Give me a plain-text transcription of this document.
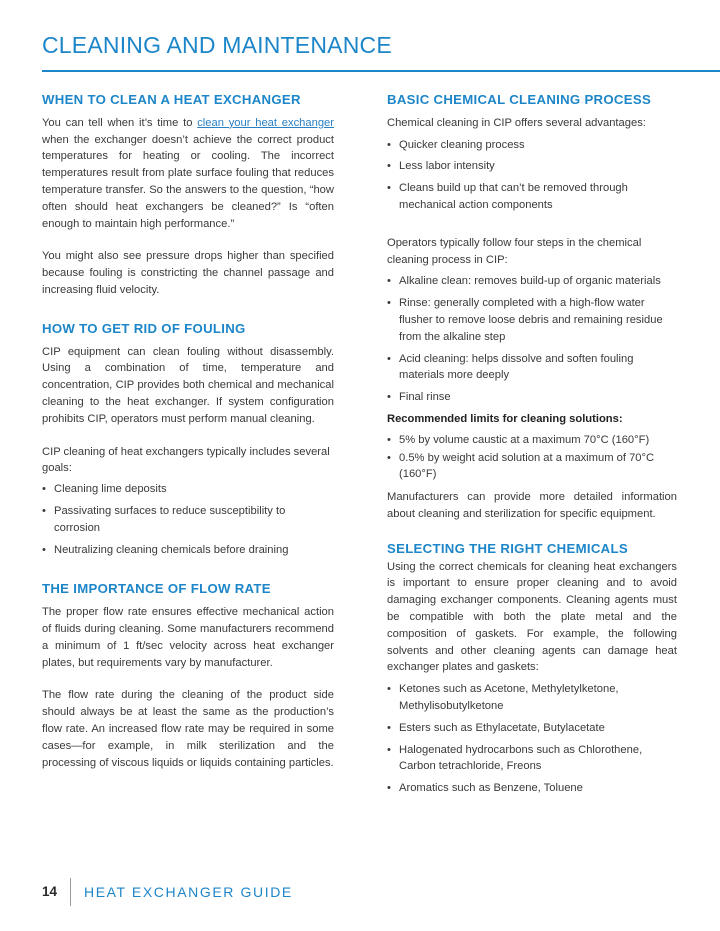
CLEANING AND MAINTENANCE
WHEN TO CLEAN A HEAT EXCHANGER

You can tell when it’s time to clean your heat exchanger when the exchanger doesn’t achieve the correct product temperatures for heating or cooling. The incorrect temperatures result from plate surface fouling that reduces temperature transfer. So the answers to the question, “how often should heat exchangers be cleaned?” Is “often enough to maintain high performance.”

You might also see pressure drops higher than specified because fouling is constricting the channel passage and increasing fluid velocity.

HOW TO GET RID OF FOULING

CIP equipment can clean fouling without disassembly. Using a combination of time, temperature and concentration, CIP provides both chemical and mechanical cleaning to the heat exchanger. If system configuration prohibits CIP, operators must perform manual cleaning.

CIP cleaning of heat exchangers typically includes several goals:

• Cleaning lime deposits
• Passivating surfaces to reduce susceptibility to corrosion
• Neutralizing cleaning chemicals before draining
THE IMPORTANCE OF FLOW RATE

The proper flow rate ensures effective mechanical action of fluids during cleaning. Some manufacturers recommend a minimum of 1 ft/sec velocity across heat exchanger plates, but requirements vary by manufacturer.

The flow rate during the cleaning of the product side should always be at least the same as the production’s flow rate. An increased flow rate may be required in some cases—for example, in milk sterilization and the processing of viscous liquids or liquids containing particles.

BASIC CHEMICAL CLEANING PROCESS

Chemical cleaning in CIP offers several advantages:

• Quicker cleaning process
• Less labor intensity
• Cleans build up that can’t be removed through mechanical action components

Operators typically follow four steps in the chemical cleaning process in CIP:

• Alkaline clean: removes build-up of organic materials
• Rinse: generally completed with a high-flow water flusher to remove loose debris and remaining residue from the alkaline step
• Acid cleaning: helps dissolve and soften fouling materials more deeply
• Final rinse

Recommended limits for cleaning solutions:

• 5% by volume caustic at a maximum 70°C (160°F)
• 0.5% by weight acid solution at a maximum of 70°C (160°F)

Manufacturers can provide more detailed information about cleaning and sterilization for specific equipment.

SELECTING THE RIGHT CHEMICALS

Using the correct chemicals for cleaning heat exchangers is important to ensure proper cleaning and to avoid damaging exchanger components. Cleaning agents must be compatible with both the plate metal and the composition of gaskets. For example, the following solvents and other cleaning agents can damage heat exchanger plates and gaskets:

• Ketones such as Acetone, Methyletylketone, Methylisobutylketone
• Esters such as Ethylacetate, Butylacetate
• Halogenated hydrocarbons such as Chlorothene, Carbon tetrachloride, Freons
• Aromatics such as Benzene, Toluene
14 HEAT EXCHANGER GUIDE
